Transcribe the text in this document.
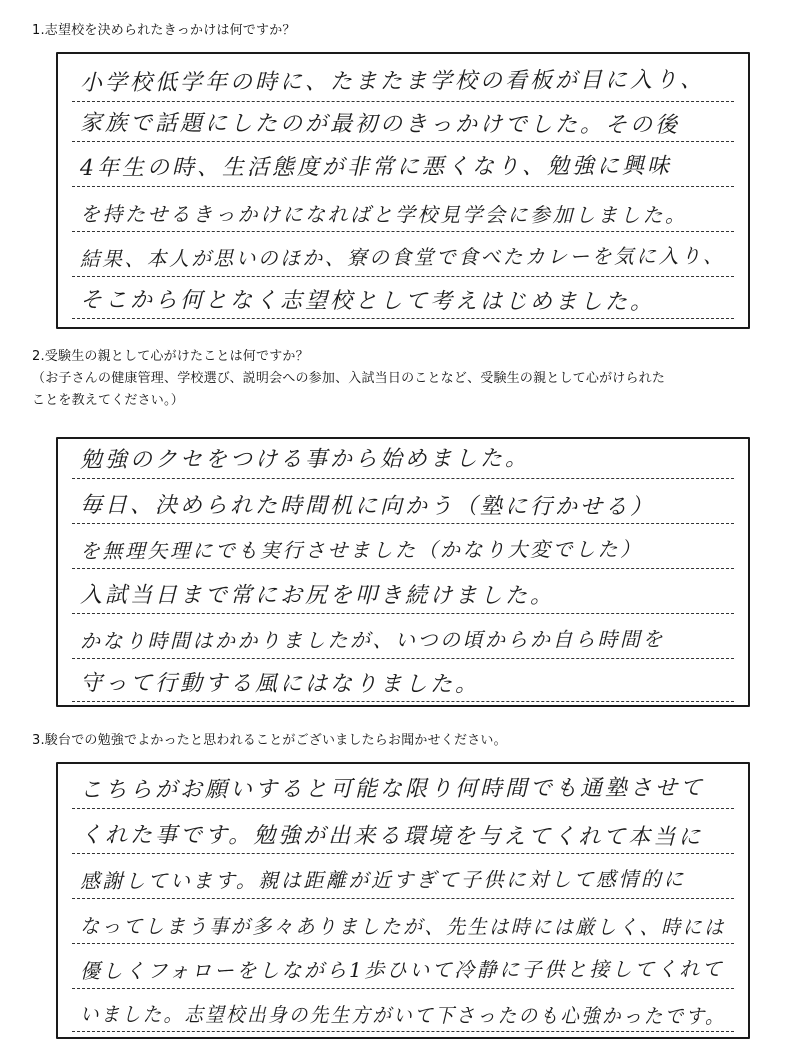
1.志望校を決められたきっかけは何ですか？
小学校低学年の時に、たまたま学校の看板が目に入り、
家族で話題にしたのが最初のきっかけでした。その後
4年生の時、生活態度が非常に悪くなり、勉強に興味
を持たせるきっかけになればと学校見学会に参加しました。
結果、本人が思いのほか、寮の食堂で食べたカレーを気に入り、
そこから何となく志望校として考えはじめました。
2.受験生の親として心がけたことは何ですか？
（お子さんの健康管理、学校選び、説明会への参加、入試当日のことなど、受験生の親として心がけられた
ことを教えてください。）
勉強のクセをつける事から始めました。
毎日、決められた時間机に向かう（塾に行かせる）
を無理矢理にでも実行させました（かなり大変でした）
入試当日まで常にお尻を叩き続けました。
かなり時間はかかりましたが、いつの頃からか自ら時間を
守って行動する風にはなりました。
3.駿台での勉強でよかったと思われることがございましたらお聞かせください。
こちらがお願いすると可能な限り何時間でも通塾させて
くれた事です。勉強が出来る環境を与えてくれて本当に
感謝しています。親は距離が近すぎて子供に対して感情的に
なってしまう事が多々ありましたが、先生は時には厳しく、時には
優しくフォローをしながら1歩ひいて冷静に子供と接してくれて
いました。志望校出身の先生方がいて下さったのも心強かったです。
